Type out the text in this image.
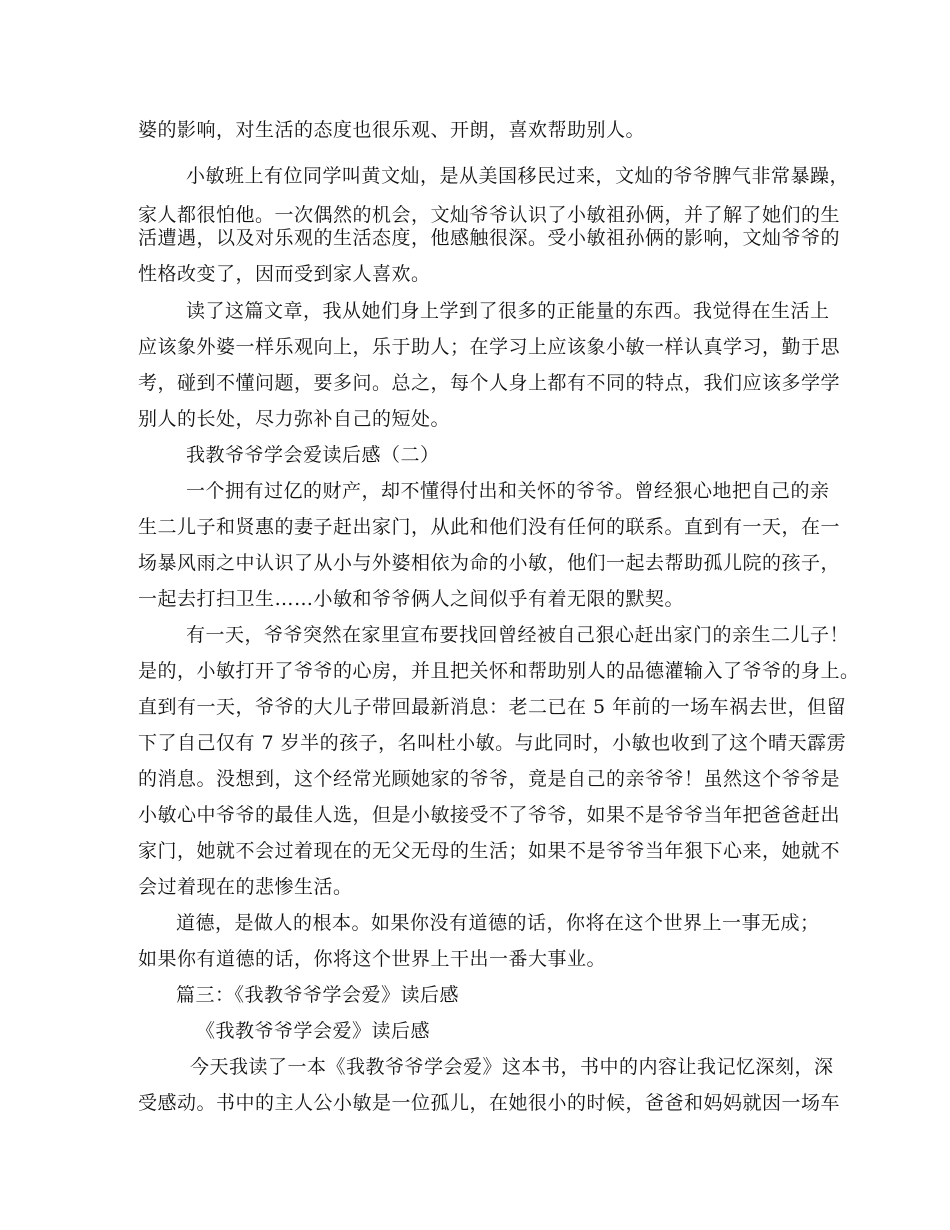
婆的影响，对生活的态度也很乐观、开朗，喜欢帮助别人。
小敏班上有位同学叫黄文灿，是从美国移民过来，文灿的爷爷脾气非常暴躁，
家人都很怕他。一次偶然的机会，文灿爷爷认识了小敏祖孙俩，并了解了她们的生
活遭遇，以及对乐观的生活态度，他感触很深。受小敏祖孙俩的影响，文灿爷爷的
性格改变了，因而受到家人喜欢。
读了这篇文章，我从她们身上学到了很多的正能量的东西。我觉得在生活上
应该象外婆一样乐观向上，乐于助人；在学习上应该象小敏一样认真学习，勤于思
考，碰到不懂问题，要多问。总之，每个人身上都有不同的特点，我们应该多学学
别人的长处，尽力弥补自己的短处。
我教爷爷学会爱读后感（二）
一个拥有过亿的财产，却不懂得付出和关怀的爷爷。曾经狠心地把自己的亲
生二儿子和贤惠的妻子赶出家门，从此和他们没有任何的联系。直到有一天，在一
场暴风雨之中认识了从小与外婆相依为命的小敏，他们一起去帮助孤儿院的孩子，
一起去打扫卫生……小敏和爷爷俩人之间似乎有着无限的默契。
有一天，爷爷突然在家里宣布要找回曾经被自己狠心赶出家门的亲生二儿子！
是的，小敏打开了爷爷的心房，并且把关怀和帮助别人的品德灌输入了爷爷的身上。
直到有一天，爷爷的大儿子带回最新消息：老二已在 5 年前的一场车祸去世，但留
下了自己仅有 7 岁半的孩子，名叫杜小敏。与此同时，小敏也收到了这个晴天霹雳
的消息。没想到，这个经常光顾她家的爷爷，竟是自己的亲爷爷！虽然这个爷爷是
小敏心中爷爷的最佳人选，但是小敏接受不了爷爷，如果不是爷爷当年把爸爸赶出
家门，她就不会过着现在的无父无母的生活；如果不是爷爷当年狠下心来，她就不
会过着现在的悲惨生活。
道德，是做人的根本。如果你没有道德的话，你将在这个世界上一事无成；
如果你有道德的话，你将这个世界上干出一番大事业。
篇三：《我教爷爷学会爱》读后感
《我教爷爷学会爱》读后感
今天我读了一本《我教爷爷学会爱》这本书，书中的内容让我记忆深刻，深
受感动。书中的主人公小敏是一位孤儿，在她很小的时候，爸爸和妈妈就因一场车
